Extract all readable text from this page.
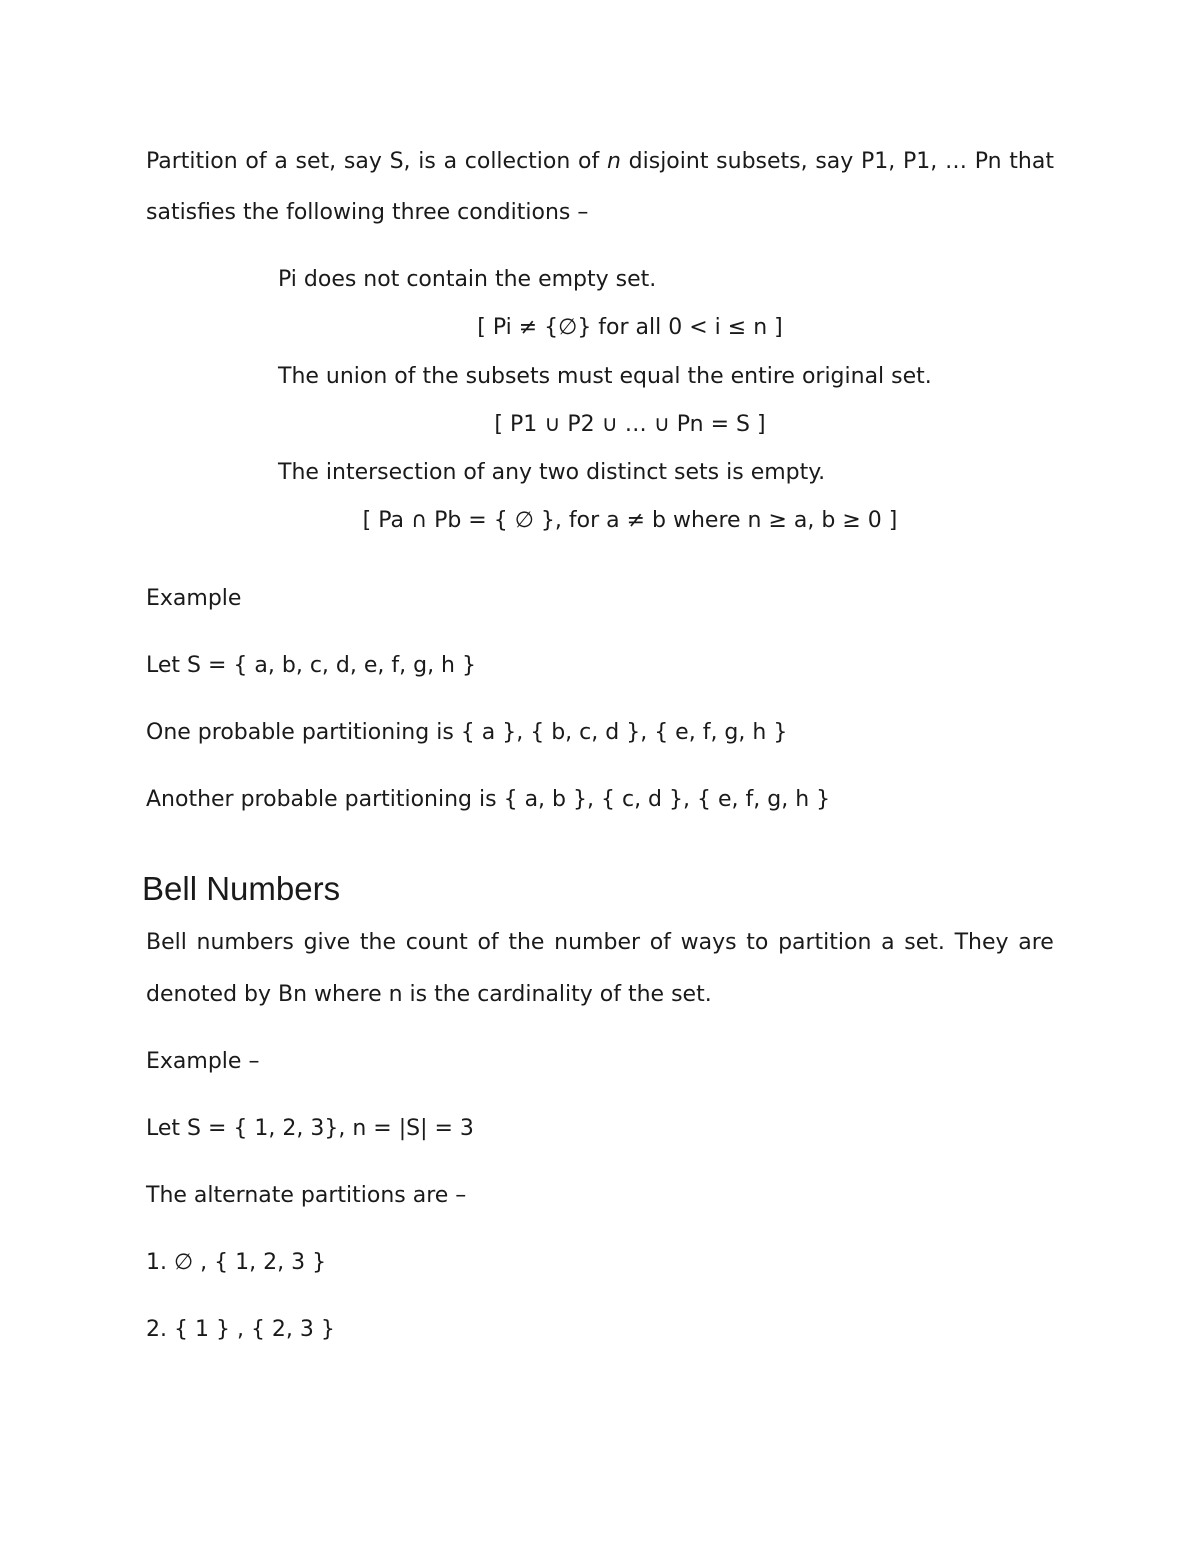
Partition of a set, say S, is a collection of n disjoint subsets, say P1, P1, … Pn that
satisfies the following three conditions –
Pi does not contain the empty set.
[ Pi ≠ {∅} for all 0 < i ≤ n ]
The union of the subsets must equal the entire original set.
[ P1 ∪ P2 ∪ … ∪ Pn = S ]
The intersection of any two distinct sets is empty.
[ Pa ∩ Pb = { ∅ }, for a ≠ b where n ≥ a, b ≥ 0 ]
Example
Let S = { a, b, c, d, e, f, g, h }
One probable partitioning is { a }, { b, c, d }, { e, f, g, h }
Another probable partitioning is { a, b }, { c, d }, { e, f, g, h }
Bell Numbers
Bell numbers give the count of the number of ways to partition a set. They are
denoted by Bn where n is the cardinality of the set.
Example –
Let S = { 1, 2, 3}, n = |S| = 3
The alternate partitions are –
1. ∅ , { 1, 2, 3 }
2. { 1 } , { 2, 3 }
